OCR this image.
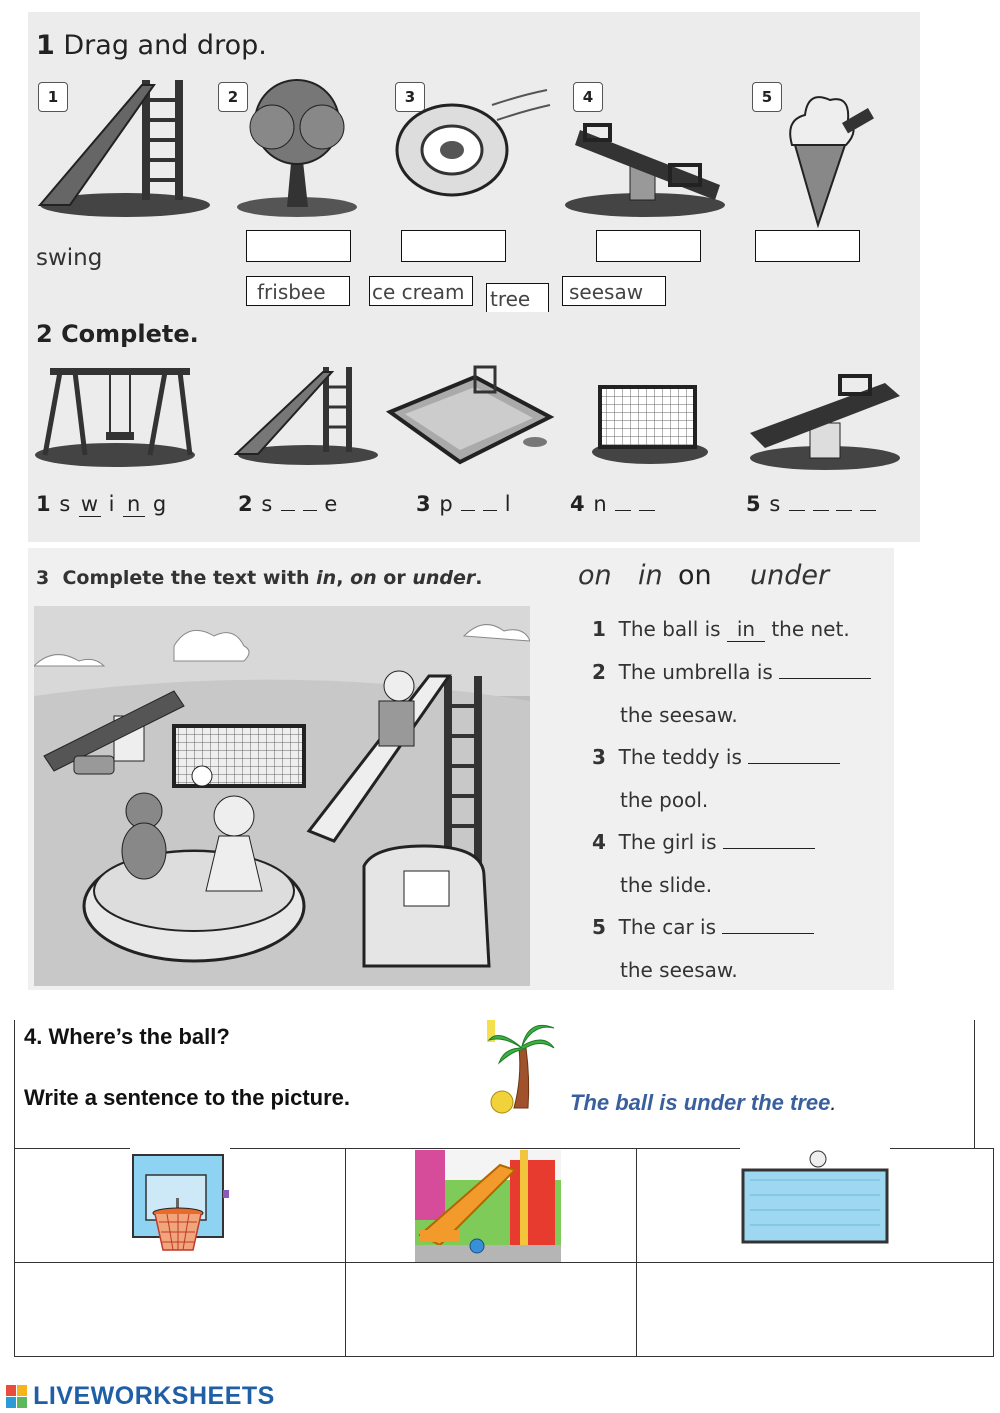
1 Drag and drop.
1	2	3	4	5
swing
frisbee	ce cream	tree	seesaw
2 Complete.
1 s w i n g	2 s e	3 p l	4 n	5 s
3 Complete the text with in, on or under.	on in on under
1 The ball is in the net.
2 The umbrella is
the seesaw.
3 The teddy is
the pool.
4 The girl is
the slide.
5 The car is
the seesaw.
4. Where’s the ball?
Write a sentence to the picture.	The ball is under the tree.
LIVEWORKSHEETS
